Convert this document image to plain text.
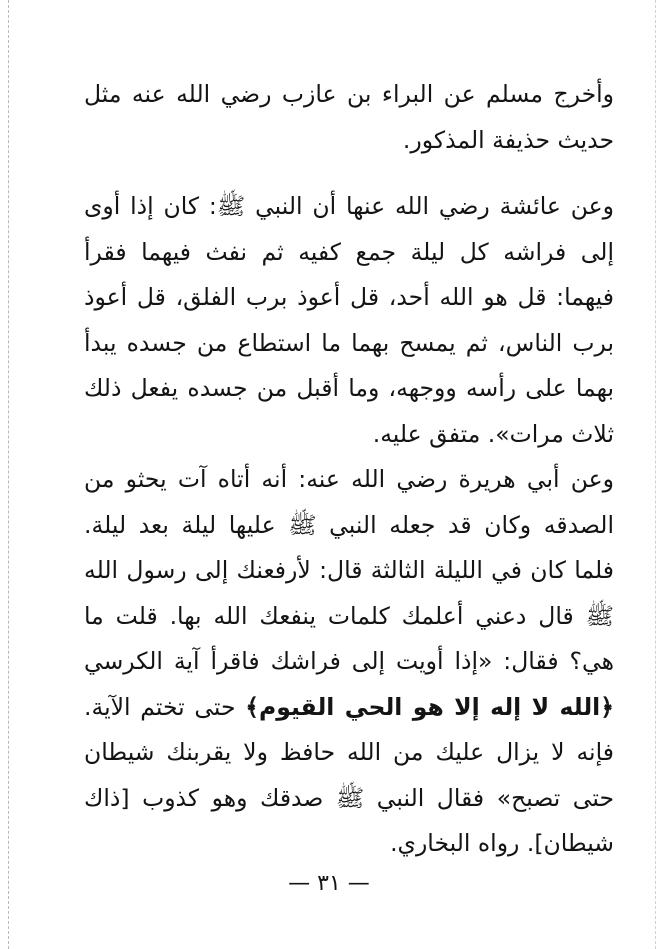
وأخرج مسلم عن البراء بن عازب رضي الله عنه مثل حديث حذيفة المذكور.

وعن عائشة رضي الله عنها أن النبي ﷺ: كان إذا أوى إلى فراشه كل ليلة جمع كفيه ثم نفث فيهما فقرأ فيهما: قل هو الله أحد، قل أعوذ برب الفلق، قل أعوذ برب الناس، ثم يمسح بهما ما استطاع من جسده يبدأ بهما على رأسه ووجهه، وما أقبل من جسده يفعل ذلك ثلاث مرات». متفق عليه.

وعن أبي هريرة رضي الله عنه: أنه أتاه آت يحثو من الصدقه وكان قد جعله النبي ﷺ عليها ليلة بعد ليلة. فلما كان في الليلة الثالثة قال: لأرفعنك إلى رسول الله ﷺ قال دعني أعلمك كلمات ينفعك الله بها. قلت ما هي؟ فقال: «إذا أويت إلى فراشك فاقرأ آية الكرسي ﴿الله لا إله إلا هو الحي القيوم﴾ حتى تختم الآية. فإنه لا يزال عليك من الله حافظ ولا يقربنك شيطان حتى تصبح» فقال النبي ﷺ صدقك وهو كذوب [ذاك شيطان]. رواه البخاري.

— ٣١ —
